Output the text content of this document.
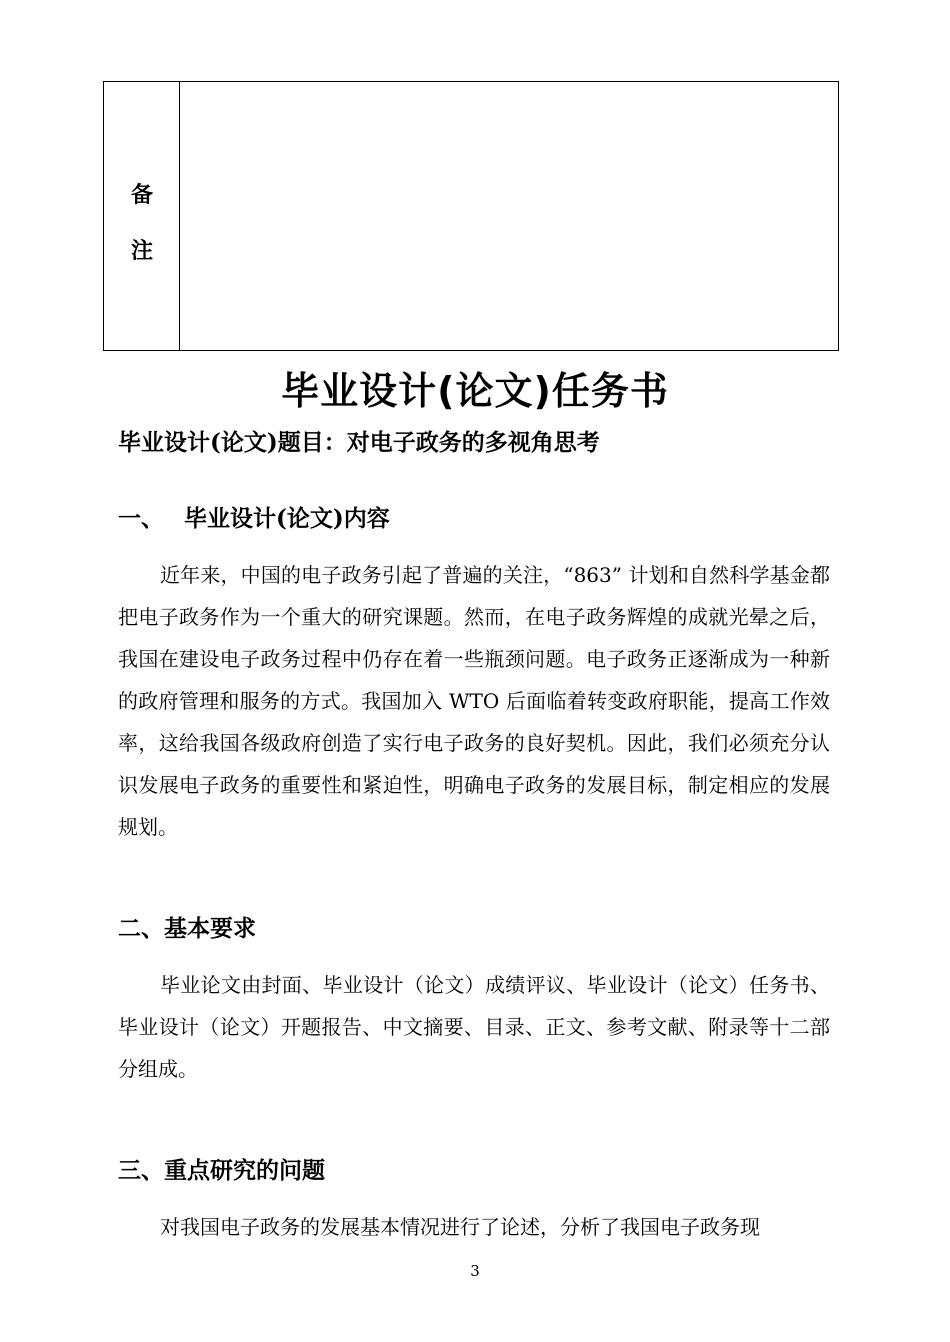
备
注
毕业设计(论文)任务书
毕业设计(论文)题目：对电子政务的多视角思考
一、 毕业设计(论文)内容

近年来，中国的电子政务引起了普遍的关注，“863” 计划和自然科学基金都把电子政务作为一个重大的研究课题。然而，在电子政务辉煌的成就光晕之后，我国在建设电子政务过程中仍存在着一些瓶颈问题。电子政务正逐渐成为一种新的政府管理和服务的方式。我国加入 WTO 后面临着转变政府职能，提高工作效率，这给我国各级政府创造了实行电子政务的良好契机。因此，我们必须充分认识发展电子政务的重要性和紧迫性，明确电子政务的发展目标，制定相应的发展规划。

二、基本要求

毕业论文由封面、毕业设计（论文）成绩评议、毕业设计（论文）任务书、毕业设计（论文）开题报告、中文摘要、目录、正文、参考文献、附录等十二部分组成。

三、重点研究的问题

对我国电子政务的发展基本情况进行了论述，分析了我国电子政务现

3
